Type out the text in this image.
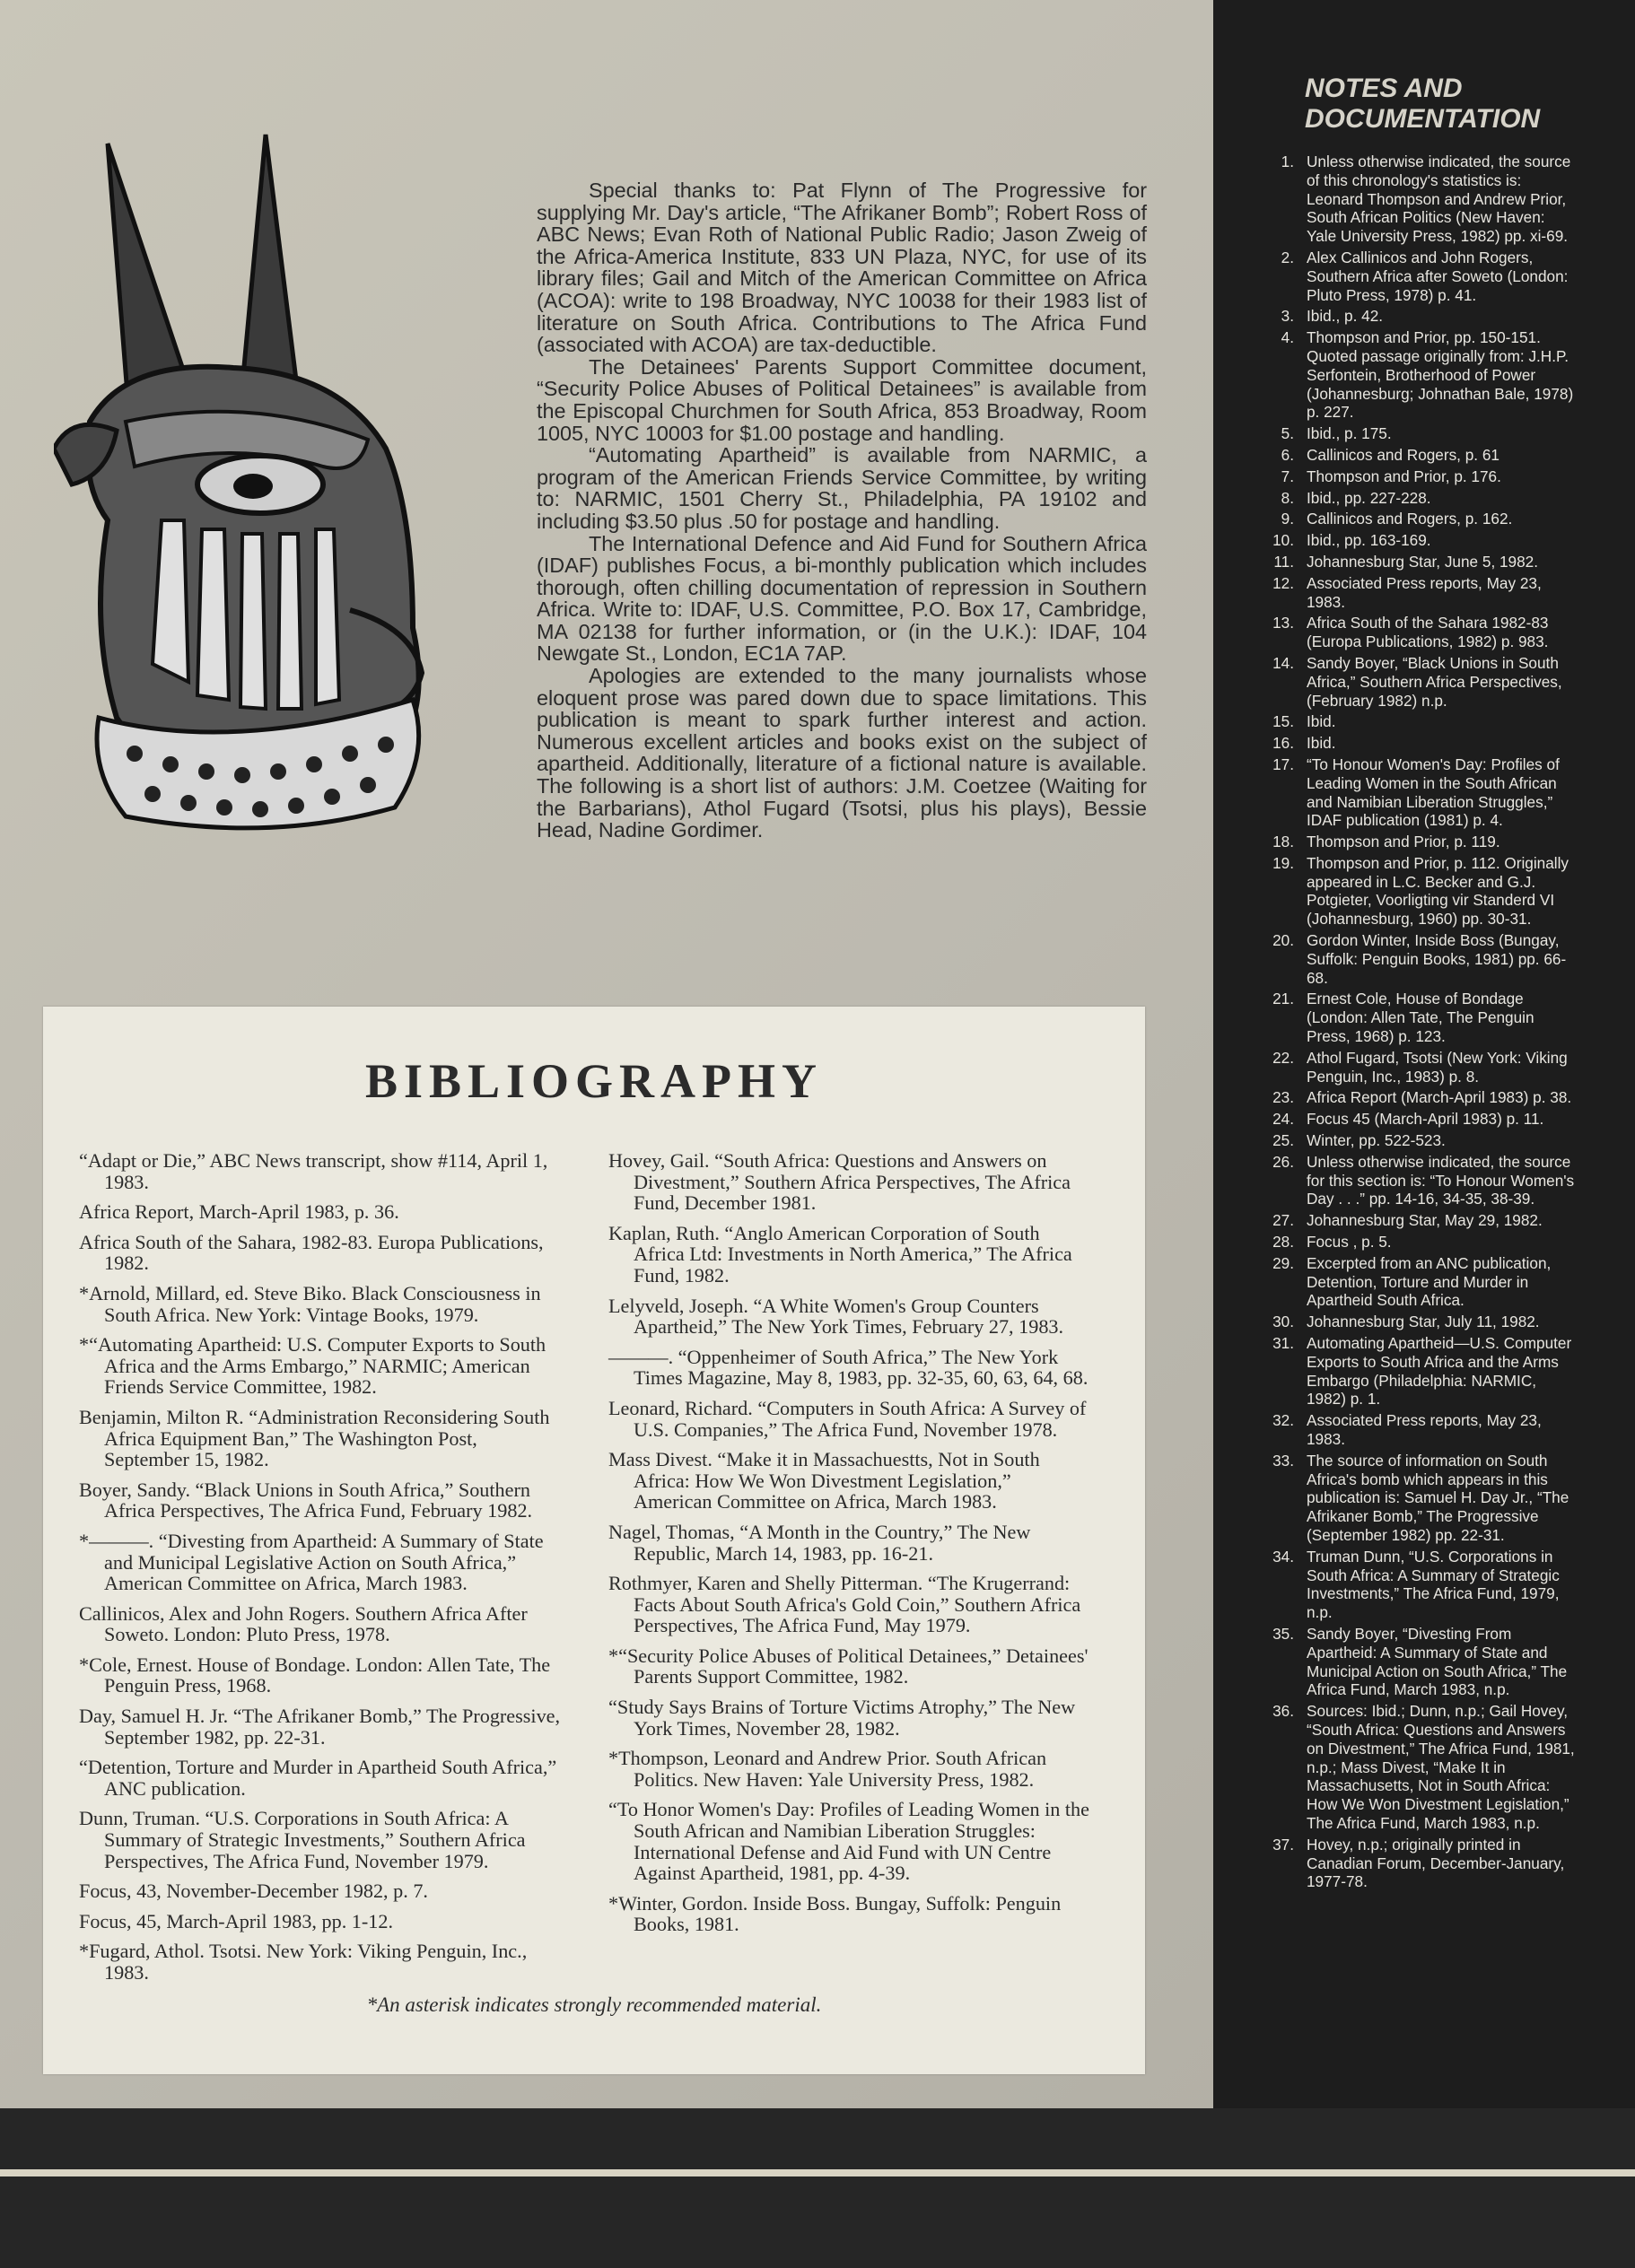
Special thanks to: Pat Flynn of The Progressive for supplying Mr. Day's article, “The Afrikaner Bomb”; Robert Ross of ABC News; Evan Roth of National Public Radio; Jason Zweig of the Africa-America Institute, 833 UN Plaza, NYC, for use of its library files; Gail and Mitch of the American Committee on Africa (ACOA): write to 198 Broadway, NYC 10038 for their 1983 list of literature on South Africa. Contributions to The Africa Fund (associated with ACOA) are tax-deductible.

The Detainees' Parents Support Committee document, “Security Police Abuses of Political Detainees” is available from the Episcopal Churchmen for South Africa, 853 Broadway, Room 1005, NYC 10003 for $1.00 postage and handling.

“Automating Apartheid” is available from NARMIC, a program of the American Friends Service Committee, by writing to: NARMIC, 1501 Cherry St., Philadelphia, PA 19102 and including $3.50 plus .50 for postage and handling.

The International Defence and Aid Fund for Southern Africa (IDAF) publishes Focus, a bi-monthly publication which includes thorough, often chilling documentation of repression in Southern Africa. Write to: IDAF, U.S. Committee, P.O. Box 17, Cambridge, MA 02138 for further information, or (in the U.K.): IDAF, 104 Newgate St., London, EC1A 7AP.

Apologies are extended to the many journalists whose eloquent prose was pared down due to space limitations. This publication is meant to spark further interest and action. Numerous excellent articles and books exist on the subject of apartheid. Additionally, literature of a fictional nature is available. The following is a short list of authors: J.M. Coetzee (Waiting for the Barbarians), Athol Fugard (Tsotsi, plus his plays), Bessie Head, Nadine Gordimer.

NOTES AND DOCUMENTATION
1. Unless otherwise indicated, the source of this chronology's statistics is: Leonard Thompson and Andrew Prior, South African Politics (New Haven: Yale University Press, 1982) pp. xi-69.
2. Alex Callinicos and John Rogers, Southern Africa after Soweto (London: Pluto Press, 1978) p. 41.
3. Ibid., p. 42.
4. Thompson and Prior, pp. 150-151. Quoted passage originally from: J.H.P. Serfontein, Brotherhood of Power (Johannesburg; Johnathan Bale, 1978) p. 227.
5. Ibid., p. 175.
6. Callinicos and Rogers, p. 61
7. Thompson and Prior, p. 176.
8. Ibid., pp. 227-228.
9. Callinicos and Rogers, p. 162.
10. Ibid., pp. 163-169.
11. Johannesburg Star, June 5, 1982.
12. Associated Press reports, May 23, 1983.
13. Africa South of the Sahara 1982-83 (Europa Publications, 1982) p. 983.
14. Sandy Boyer, “Black Unions in South Africa,” Southern Africa Perspectives, (February 1982) n.p.
15. Ibid.
16. Ibid.
17. “To Honour Women's Day: Profiles of Leading Women in the South African and Namibian Liberation Struggles,” IDAF publication (1981) p. 4.
18. Thompson and Prior, p. 119.
19. Thompson and Prior, p. 112. Originally appeared in L.C. Becker and G.J. Potgieter, Voorligting vir Standerd VI (Johannesburg, 1960) pp. 30-31.
20. Gordon Winter, Inside Boss (Bungay, Suffolk: Penguin Books, 1981) pp. 66-68.
21. Ernest Cole, House of Bondage (London: Allen Tate, The Penguin Press, 1968) p. 123.
22. Athol Fugard, Tsotsi (New York: Viking Penguin, Inc., 1983) p. 8.
23. Africa Report (March-April 1983) p. 38.
24. Focus 45 (March-April 1983) p. 11.
25. Winter, pp. 522-523.
26. Unless otherwise indicated, the source for this section is: “To Honour Women's Day . . .” pp. 14-16, 34-35, 38-39.
27. Johannesburg Star, May 29, 1982.
28. Focus , p. 5.
29. Excerpted from an ANC publication, Detention, Torture and Murder in Apartheid South Africa.
30. Johannesburg Star, July 11, 1982.
31. Automating Apartheid—U.S. Computer Exports to South Africa and the Arms Embargo (Philadelphia: NARMIC, 1982) p. 1.
32. Associated Press reports, May 23, 1983.
33. The source of information on South Africa's bomb which appears in this publication is: Samuel H. Day Jr., “The Afrikaner Bomb,” The Progressive (September 1982) pp. 22-31.
34. Truman Dunn, “U.S. Corporations in South Africa: A Summary of Strategic Investments,” The Africa Fund, 1979, n.p.
35. Sandy Boyer, “Divesting From Apartheid: A Summary of State and Municipal Action on South Africa,” The Africa Fund, March 1983, n.p.
36. Sources: Ibid.; Dunn, n.p.; Gail Hovey, “South Africa: Questions and Answers on Divestment,” The Africa Fund, 1981, n.p.; Mass Divest, “Make It in Massachusetts, Not in South Africa: How We Won Divestment Legislation,” The Africa Fund, March 1983, n.p.
37. Hovey, n.p.; originally printed in Canadian Forum, December-January, 1977-78.
BIBLIOGRAPHY

“Adapt or Die,” ABC News transcript, show #114, April 1, 1983.

Africa Report, March-April 1983, p. 36.

Africa South of the Sahara, 1982-83. Europa Publications, 1982.

*Arnold, Millard, ed. Steve Biko. Black Consciousness in South Africa. New York: Vintage Books, 1979.

*“Automating Apartheid: U.S. Computer Exports to South Africa and the Arms Embargo,” NARMIC; American Friends Service Committee, 1982.

Benjamin, Milton R. “Administration Reconsidering South Africa Equipment Ban,” The Washington Post, September 15, 1982.

Boyer, Sandy. “Black Unions in South Africa,” Southern Africa Perspectives, The Africa Fund, February 1982.

*———. “Divesting from Apartheid: A Summary of State and Municipal Legislative Action on South Africa,” American Committee on Africa, March 1983.

Callinicos, Alex and John Rogers. Southern Africa After Soweto. London: Pluto Press, 1978.

*Cole, Ernest. House of Bondage. London: Allen Tate, The Penguin Press, 1968.

Day, Samuel H. Jr. “The Afrikaner Bomb,” The Progressive, September 1982, pp. 22-31.

“Detention, Torture and Murder in Apartheid South Africa,” ANC publication.

Dunn, Truman. “U.S. Corporations in South Africa: A Summary of Strategic Investments,” Southern Africa Perspectives, The Africa Fund, November 1979.

Focus, 43, November-December 1982, p. 7.

Focus, 45, March-April 1983, pp. 1-12.

*Fugard, Athol. Tsotsi. New York: Viking Penguin, Inc., 1983.

Hovey, Gail. “South Africa: Questions and Answers on Divestment,” Southern Africa Perspectives, The Africa Fund, December 1981.

Kaplan, Ruth. “Anglo American Corporation of South Africa Ltd: Investments in North America,” The Africa Fund, 1982.

Lelyveld, Joseph. “A White Women's Group Counters Apartheid,” The New York Times, February 27, 1983.

———. “Oppenheimer of South Africa,” The New York Times Magazine, May 8, 1983, pp. 32-35, 60, 63, 64, 68.

Leonard, Richard. “Computers in South Africa: A Survey of U.S. Companies,” The Africa Fund, November 1978.

Mass Divest. “Make it in Massachuestts, Not in South Africa: How We Won Divestment Legislation,” American Committee on Africa, March 1983.

Nagel, Thomas, “A Month in the Country,” The New Republic, March 14, 1983, pp. 16-21.

Rothmyer, Karen and Shelly Pitterman. “The Krugerrand: Facts About South Africa's Gold Coin,” Southern Africa Perspectives, The Africa Fund, May 1979.

*“Security Police Abuses of Political Detainees,” Detainees' Parents Support Committee, 1982.

“Study Says Brains of Torture Victims Atrophy,” The New York Times, November 28, 1982.

*Thompson, Leonard and Andrew Prior. South African Politics. New Haven: Yale University Press, 1982.

“To Honor Women's Day: Profiles of Leading Women in the South African and Namibian Liberation Struggles: International Defense and Aid Fund with UN Centre Against Apartheid, 1981, pp. 4-39.

*Winter, Gordon. Inside Boss. Bungay, Suffolk: Penguin Books, 1981.

*An asterisk indicates strongly recommended material.
